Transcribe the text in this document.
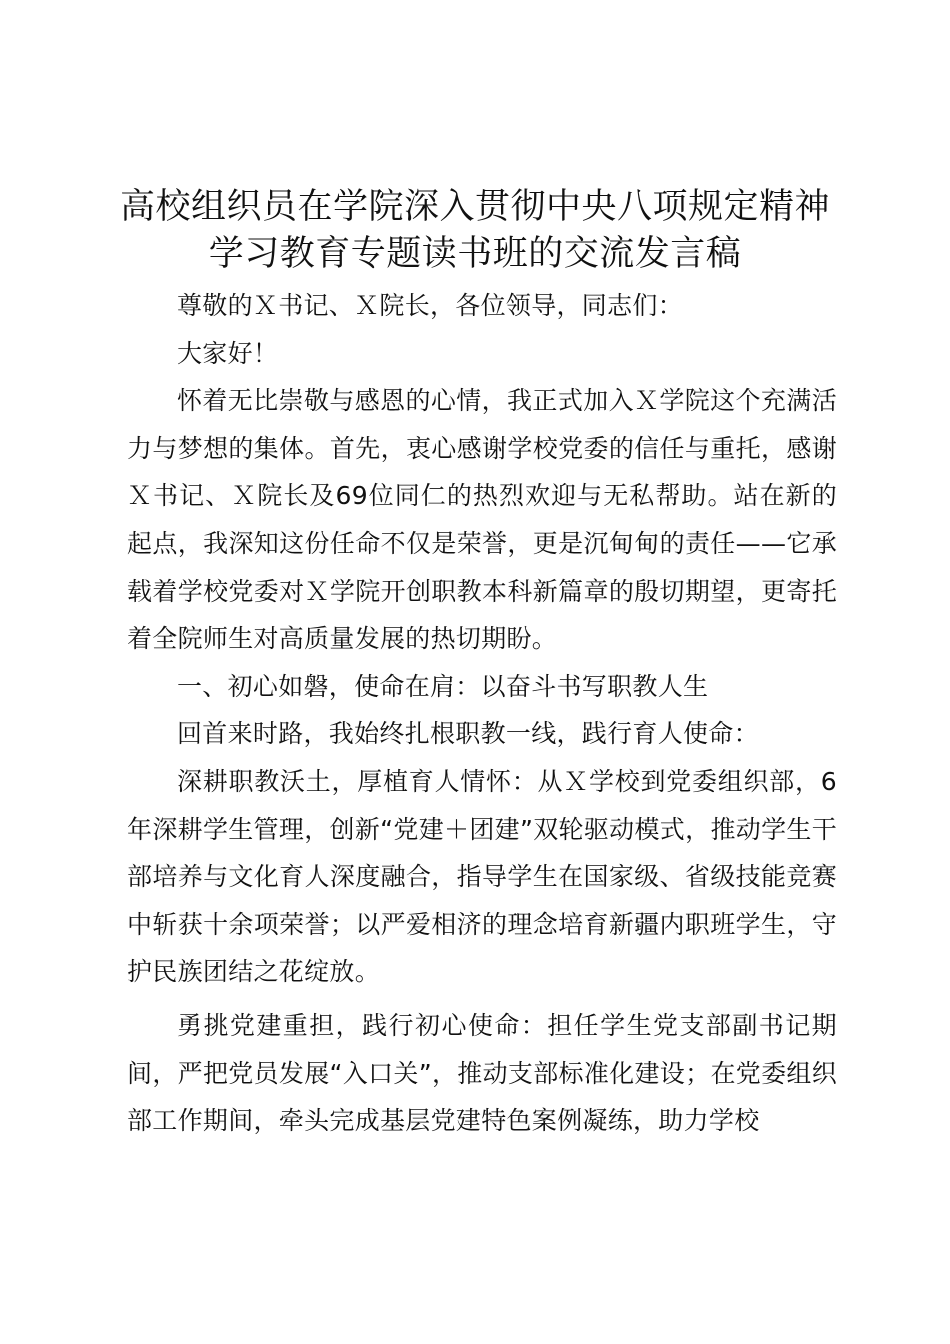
高校组织员在学院深入贯彻中央八项规定精神
学习教育专题读书班的交流发言稿

尊敬的Ｘ书记、Ｘ院长，各位领导，同志们：

大家好！

怀着无比崇敬与感恩的心情，我正式加入Ｘ学院这个充满活力与梦想的集体。首先，衷心感谢学校党委的信任与重托，感谢Ｘ书记、Ｘ院长及69位同仁的热烈欢迎与无私帮助。站在新的起点，我深知这份任命不仅是荣誉，更是沉甸甸的责任——它承载着学校党委对Ｘ学院开创职教本科新篇章的殷切期望，更寄托着全院师生对高质量发展的热切期盼。

一、初心如磐，使命在肩：以奋斗书写职教人生

回首来时路，我始终扎根职教一线，践行育人使命：

深耕职教沃土，厚植育人情怀：从Ｘ学校到党委组织部，6年深耕学生管理，创新“党建＋团建”双轮驱动模式，推动学生干部培养与文化育人深度融合，指导学生在国家级、省级技能竞赛中斩获十余项荣誉；以严爱相济的理念培育新疆内职班学生，守护民族团结之花绽放。

勇挑党建重担，践行初心使命：担任学生党支部副书记期间，严把党员发展“入口关”，推动支部标准化建设；在党委组织部工作期间，牵头完成基层党建特色案例凝练，助力学校
